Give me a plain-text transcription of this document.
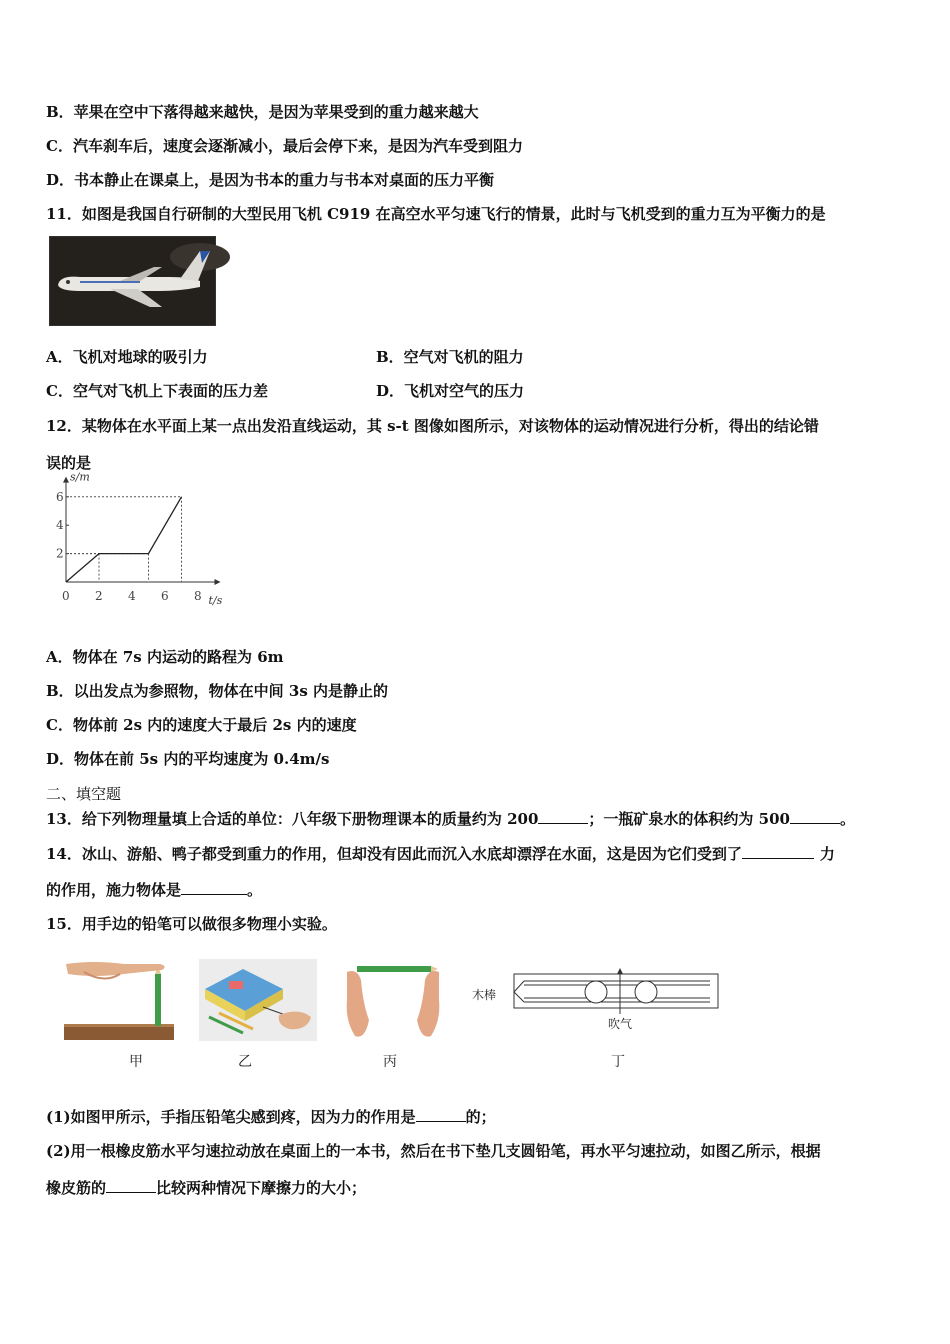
B．苹果在空中下落得越来越快，是因为苹果受到的重力越来越大
C．汽车刹车后，速度会逐渐减小，最后会停下来，是因为汽车受到阻力
D．书本静止在课桌上，是因为书本的重力与书本对桌面的压力平衡
11．如图是我国自行研制的大型民用飞机 C919 在高空水平匀速飞行的情景，此时与飞机受到的重力互为平衡力的是
A．飞机对地球的吸引力	B．空气对飞机的阻力
C．空气对飞机上下表面的压力差	D．飞机对空气的压力
12．某物体在水平面上某一点出发沿直线运动，其 s-t 图像如图所示，对该物体的运动情况进行分析，得出的结论错
误的是
s/m
t/s
0 2 4 6 8
2
4
6
A．物体在 7s 内运动的路程为 6m
B．以出发点为参照物，物体在中间 3s 内是静止的
C．物体前 2s 内的速度大于最后 2s 内的速度
D．物体在前 5s 内的平均速度为 0.4m/s
二、填空题
13．给下列物理量填上合适的单位：八年级下册物理课本的质量约为 200	；一瓶矿泉水的体积约为 500	。
14．冰山、游船、鸭子都受到重力的作用，但却没有因此而沉入水底却漂浮在水面，这是因为它们受到了	力
的作用，施力物体是	。
15．用手边的铅笔可以做很多物理小实验。
木棒
吹气
甲	乙	丙	丁
(1)如图甲所示，手指压铅笔尖感到疼，因为力的作用是	的；
(2)用一根橡皮筋水平匀速拉动放在桌面上的一本书，然后在书下垫几支圆铅笔，再水平匀速拉动，如图乙所示，根据
橡皮筋的	比较两种情况下摩擦力的大小；
